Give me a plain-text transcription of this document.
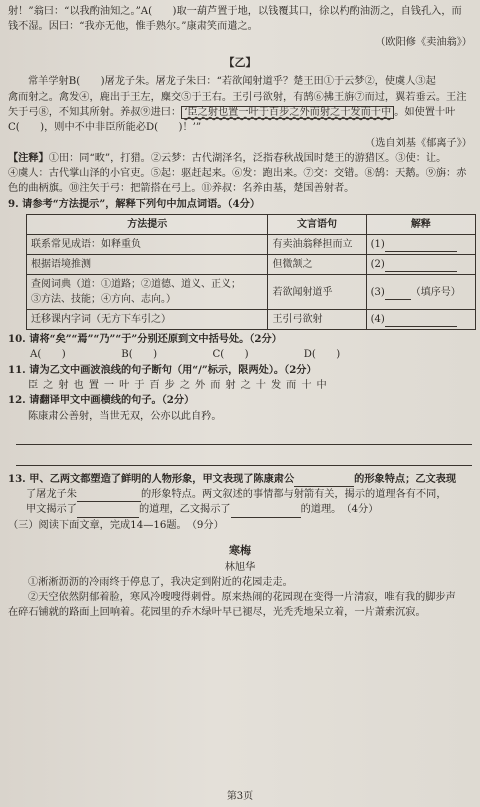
射！”翁曰：“以我酌油知之。”A(　　)取一葫芦置于地，以钱覆其口，徐以杓酌油沥之，自钱孔入，而

钱不湿。因曰：“我亦无他，惟手熟尔。”康肃笑而遣之。

（欧阳修《卖油翁》）

【乙】

常羊学射B(　　)屠龙子朱。屠龙子朱曰：“若欲闻射道乎？楚王田①于云梦②，使虞人③起

禽而射之。禽发④，鹿出于王左，麋交⑤于王右。王引弓欲射，有鹄⑥拂王旃⑦而过，翼若垂云。王注

矢于弓⑧，不知其所射。养叔⑨进曰： ‘臣之射也置一叶于百步之外而射之十发而十中 。如使置十叶

C(　　)，则中不中非臣所能必D(　　)！’”

（选自刘基《郁离子》）

【注释】①田：同“畋”，打猎。②云梦：古代湖泽名，泛指春秋战国时楚王的游猎区。③使：让。

④虞人：古代掌山泽的小官吏。⑤起：驱赶起来。⑥发：跑出来。⑦交：交错。⑧鹄：天鹅。⑨旃：赤

色的曲柄旗。⑩注矢于弓：把箭搭在弓上。⑪养叔：名养由基，楚国善射者。

9. 请参考“方法提示”，解释下列句中加点词语。（4分）

方法提示	文言语句	解释
联系常见成语：如释重负	有卖油翁释担而立	(1)
根据语境推测	但微颔之	(2)

查阅词典（道：①道路；②道德、道义、正义；
③方法、技能；④方向、志向。）	若欲闻射道乎	(3) （填序号）
迁移课内字词（无方下车引之）	王引弓欲射	(4)

10. 请将“矣”“焉”“乃”“于”分别还原到文中括号处。（2分）

A(　　)	B(　　)	C(　　)	D(　　)

11. 请为乙文中画波浪线的句子断句（用“/”标示，限两处）。（2分）

臣之射也置一叶于百步之外而射之十发而十中

12. 请翻译甲文中画横线的句子。（2分）

陈康肃公善射，当世无双，公亦以此自矜。

13. 甲、乙两文都塑造了鲜明的人物形象，甲文表现了陈康肃公	的形象特点；乙文表现

了屠龙子朱	的形象特点。两文叙述的事情都与射箭有关，揭示的道理各有不同，

甲文揭示了	的道理，乙文揭示了	的道理。　（4分）

（三）阅读下面文章，完成14—16题。　（9分）

寒梅

林旭华

①淅淅沥沥的冷雨终于停息了，我决定到附近的花园走走。

②天空依然阴郁着脸，寒风冷嗖嗖得刺骨。原来热闹的花园现在变得一片清寂，唯有我的脚步声

在碎石铺就的路面上回响着。花园里的乔木绿叶早已褪尽，光秃秃地呆立着，一片萧索沉寂。

第3页
